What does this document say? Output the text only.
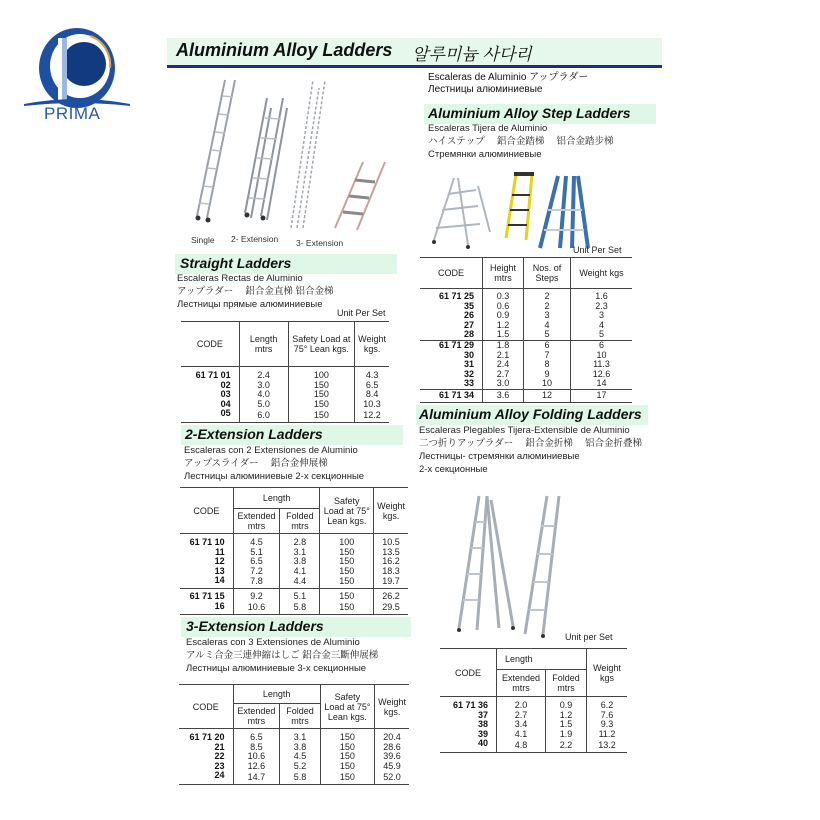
PRIMA
Aluminium Alloy Ladders 알루미늄 사다리
Escaleras de Aluminio アップラダー
Лестницы алюминиевые
Single 2- Extension 3- Extension
Straight Ladders
Escaleras Rectas de Aluminio
アップラダー　 鋁合金直梯 铝合金梯
Лестницы прямые алюминиевые
Unit Per Set
CODE	Length mtrs	Safety Load at 75° Lean kgs.	Weight kgs.
61 71 01	2.4	100	4.3
02	3.0	150	6.5
03	4.0	150	8.4
04	5.0	150	10.3
05	6.0	150	12.2
2-Extension Ladders
Escaleras con 2 Extensiones de Aluminio
アップスライダー　 鋁合金伸展梯
Лестницы алюминиевые 2-х секционные
CODE	Length		Safety Load at 75° Lean kgs.	Weight kgs.
	Extended mtrs	Folded mtrs		
61 71 10	4.5	2.8	100	10.5
11	5.1	3.1	150	13.5
12	6.5	3.8	150	16.2
13	7.2	4.1	150	18.3
14	7.8	4.4	150	19.7
61 71 15	9.2	5.1	150	26.2
16	10.6	5.8	150	29.5
3-Extension Ladders
Escaleras con 3 Extensiones de Aluminio
アルミ合金三連伸縮はしご 鋁合金三斷伸展梯
Лестницы алюминиевые 3-х секционные
CODE	Length		Safety Load at 75° Lean kgs.	Weight kgs.
	Extended mtrs	Folded mtrs		
61 71 20	6.5	3.1	150	20.4
21	8.5	3.8	150	28.6
22	10.6	4.5	150	39.6
23	12.6	5.2	150	45.9
24	14.7	5.8	150	52.0
Aluminium Alloy Step Ladders
Escaleras Tijera de Aluminio
ハイステップ　 鋁合金踏梯　 铝合金踏步梯
Стремянки алюминиевые
Unit Per Set
CODE	Height mtrs	Nos. of Steps	Weight kgs
61 71 25	0.3	2	1.6
35	0.6	2	2.3
26	0.9	3	3
27	1.2	4	4
28	1.5	5	5
61 71 29	1.8	6	6
30	2.1	7	10
31	2.4	8	11.3
32	2.7	9	12.6
33	3.0	10	14
61 71 34	3.6	12	17
Aluminium Alloy Folding Ladders
Escaleras Plegables Tijera-Extensible de Aluminio
二つ折りアップラダー　 鋁合金折梯　 铝合金折叠梯
Лестницы- стремянки алюминиевые
2-х секционные
Unit per Set
CODE	Length		Weight kgs
	Extended mtrs	Folded mtrs	
61 71 36	2.0	0.9	6.2
37	2.7	1.2	7.6
38	3.4	1.5	9.3
39	4.1	1.9	11.2
40	4.8	2.2	13.2
